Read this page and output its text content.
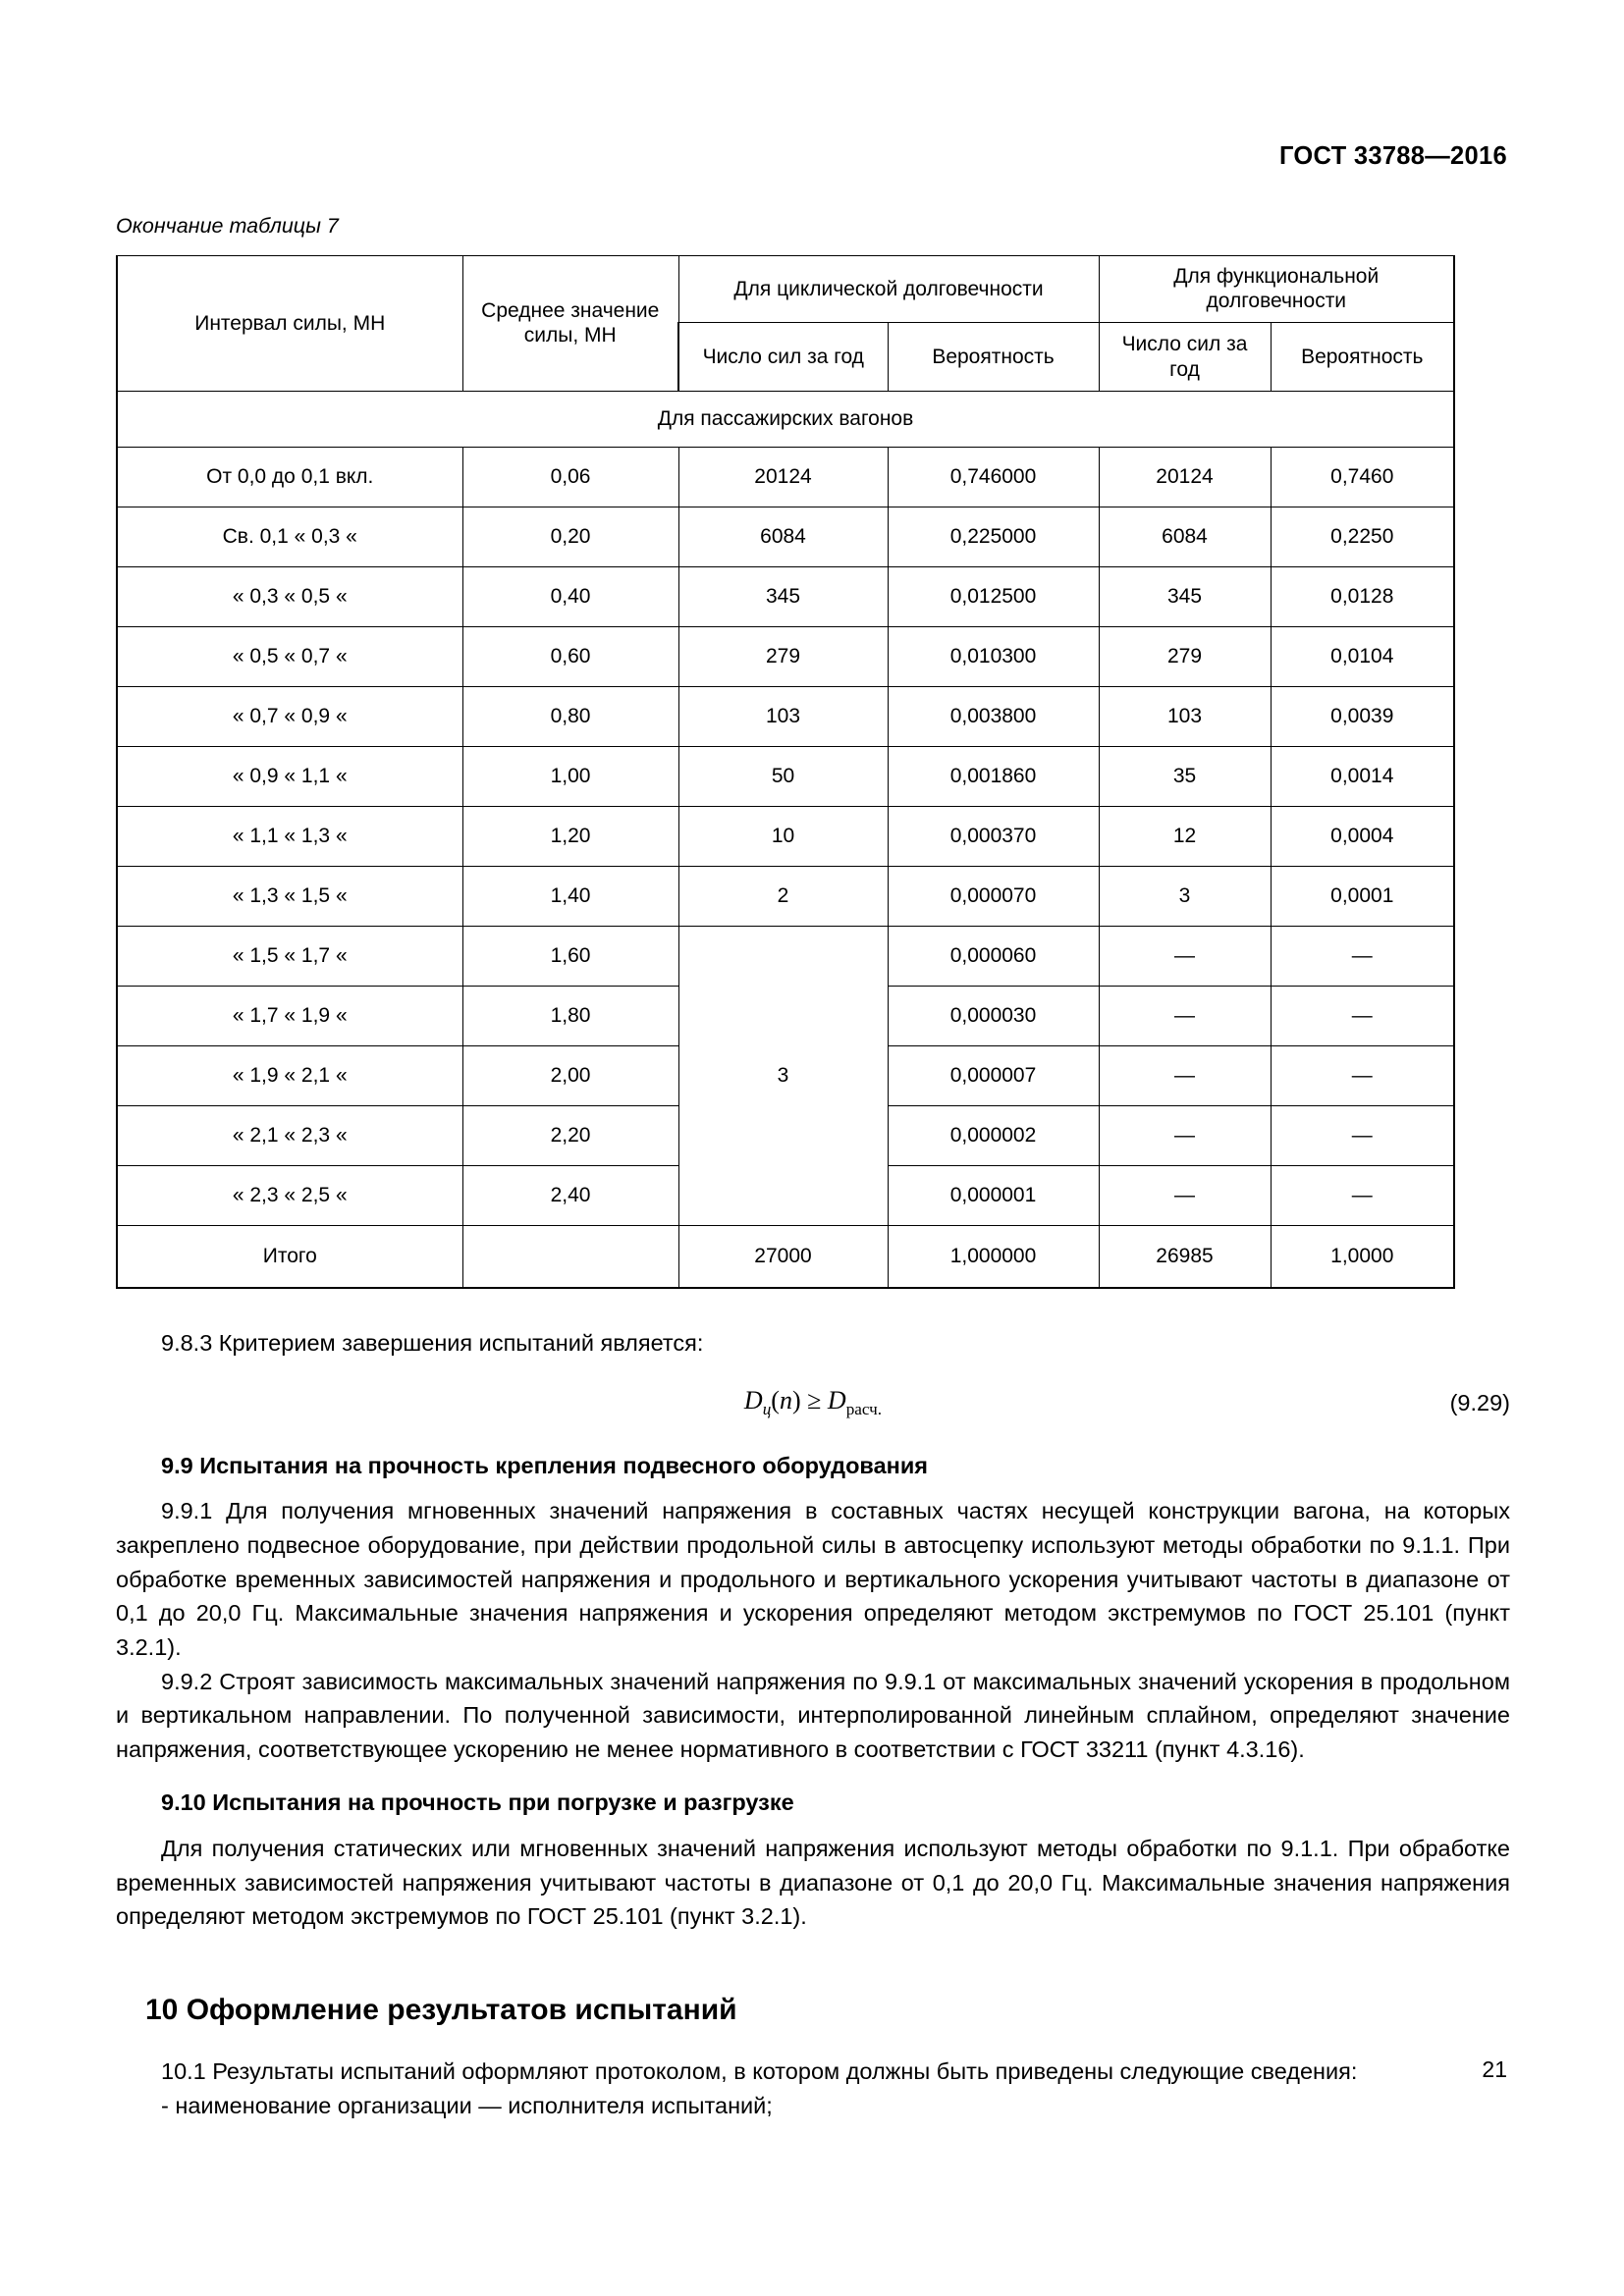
ГОСТ 33788—2016
Окончание таблицы 7
Интервал силы, МН	Среднее значение силы, МН	Для циклической долговечности		Для функциональной долговечности	
		Число сил за год	Вероятность	Число сил за год	Вероятность
Для пассажирских вагонов					
От 0,0 до 0,1 вкл.	0,06	20124	0,746000	20124	0,7460
Св. 0,1 « 0,3 «	0,20	6084	0,225000	6084	0,2250
« 0,3 « 0,5 «	0,40	345	0,012500	345	0,0128
« 0,5 « 0,7 «	0,60	279	0,010300	279	0,0104
« 0,7 « 0,9 «	0,80	103	0,003800	103	0,0039
« 0,9 « 1,1 «	1,00	50	0,001860	35	0,0014
« 1,1 « 1,3 «	1,20	10	0,000370	12	0,0004
« 1,3 « 1,5 «	1,40	2	0,000070	3	0,0001
« 1,5 « 1,7 «	1,60	3	0,000060	—	—
« 1,7 « 1,9 «	1,80		0,000030	—	—
« 1,9 « 2,1 «	2,00		0,000007	—	—
« 2,1 « 2,3 «	2,20		0,000002	—	—
« 2,3 « 2,5 «	2,40		0,000001	—	—
Итого		27000	1,000000	26985	1,0000

9.8.3 Критерием завершения испытаний является:

$D_ц(n) \ge D_{расч.}$	(9.29)
9.9 Испытания на прочность крепления подвесного оборудования

9.9.1 Для получения мгновенных значений напряжения в составных частях несущей конструкции вагона, на которых закреплено подвесное оборудование, при действии продольной силы в автосцепку используют методы обработки по 9.1.1. При обработке временных зависимостей напряжения и продольного и вертикального ускорения учитывают частоты в диапазоне от 0,1 до 20,0 Гц. Максимальные значения напряжения и ускорения определяют методом экстремумов по ГОСТ 25.101 (пункт 3.2.1).

9.9.2 Строят зависимость максимальных значений напряжения по 9.9.1 от максимальных значений ускорения в продольном и вертикальном направлении. По полученной зависимости, интерполированной линейным сплайном, определяют значение напряжения, соответствующее ускорению не менее нормативного в соответствии с ГОСТ 33211 (пункт 4.3.16).

9.10 Испытания на прочность при погрузке и разгрузке

Для получения статических или мгновенных значений напряжения используют методы обработки по 9.1.1. При обработке временных зависимостей напряжения учитывают частоты в диапазоне от 0,1 до 20,0 Гц. Максимальные значения напряжения определяют методом экстремумов по ГОСТ 25.101 (пункт 3.2.1).

10 Оформление результатов испытаний

10.1 Результаты испытаний оформляют протоколом, в котором должны быть приведены следующие сведения:

- наименование организации — исполнителя испытаний;

21
